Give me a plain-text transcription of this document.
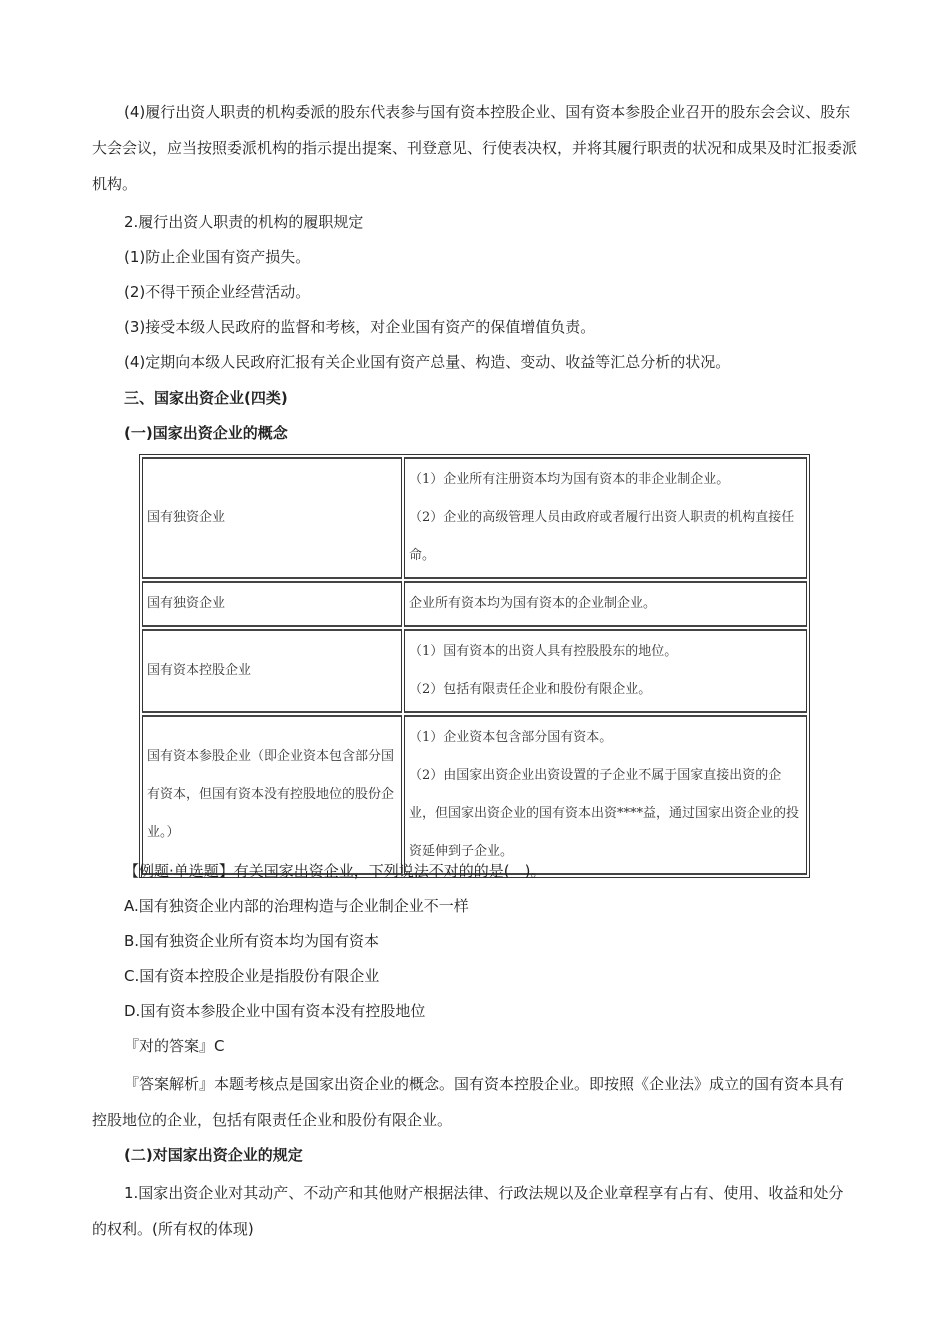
(4)履行出资人职责的机构委派的股东代表参与国有资本控股企业、国有资本参股企业召开的股东会会议、股东大会会议，应当按照委派机构的指示提出提案、刊登意见、行使表决权，并将其履行职责的状况和成果及时汇报委派机构。

2.履行出资人职责的机构的履职规定

(1)防止企业国有资产损失。

(2)不得干预企业经营活动。

(3)接受本级人民政府的监督和考核，对企业国有资产的保值增值负责。

(4)定期向本级人民政府汇报有关企业国有资产总量、构造、变动、收益等汇总分析的状况。

三、国家出资企业(四类)

(一)国家出资企业的概念

国有独资企业	（1）企业所有注册资本均为国有资本的非企业制企业。
（2）企业的高级管理人员由政府或者履行出资人职责的机构直接任命。

国有独资企业	企业所有资本均为国有资本的企业制企业。

国有资本控股企业	（1）国有资本的出资人具有控股股东的地位。
（2）包括有限责任企业和股份有限企业。

国有资本参股企业（即企业资本包含部分国有资本，但国有资本没有控股地位的股份企业。）	（1）企业资本包含部分国有资本。
（2）由国家出资企业出资设置的子企业不属于国家直接出资的企业，但国家出资企业的国有资本出资****益，通过国家出资企业的投资延伸到子企业。

【例题·单选题】有关国家出资企业，下列说法不对的的是(　)。

A.国有独资企业内部的治理构造与企业制企业不一样

B.国有独资企业所有资本均为国有资本

C.国有资本控股企业是指股份有限企业

D.国有资本参股企业中国有资本没有控股地位

『对的答案』C

『答案解析』本题考核点是国家出资企业的概念。国有资本控股企业。即按照《企业法》成立的国有资本具有控股地位的企业，包括有限责任企业和股份有限企业。

(二)对国家出资企业的规定

1.国家出资企业对其动产、不动产和其他财产根据法律、行政法规以及企业章程享有占有、使用、收益和处分的权利。(所有权的体现)
